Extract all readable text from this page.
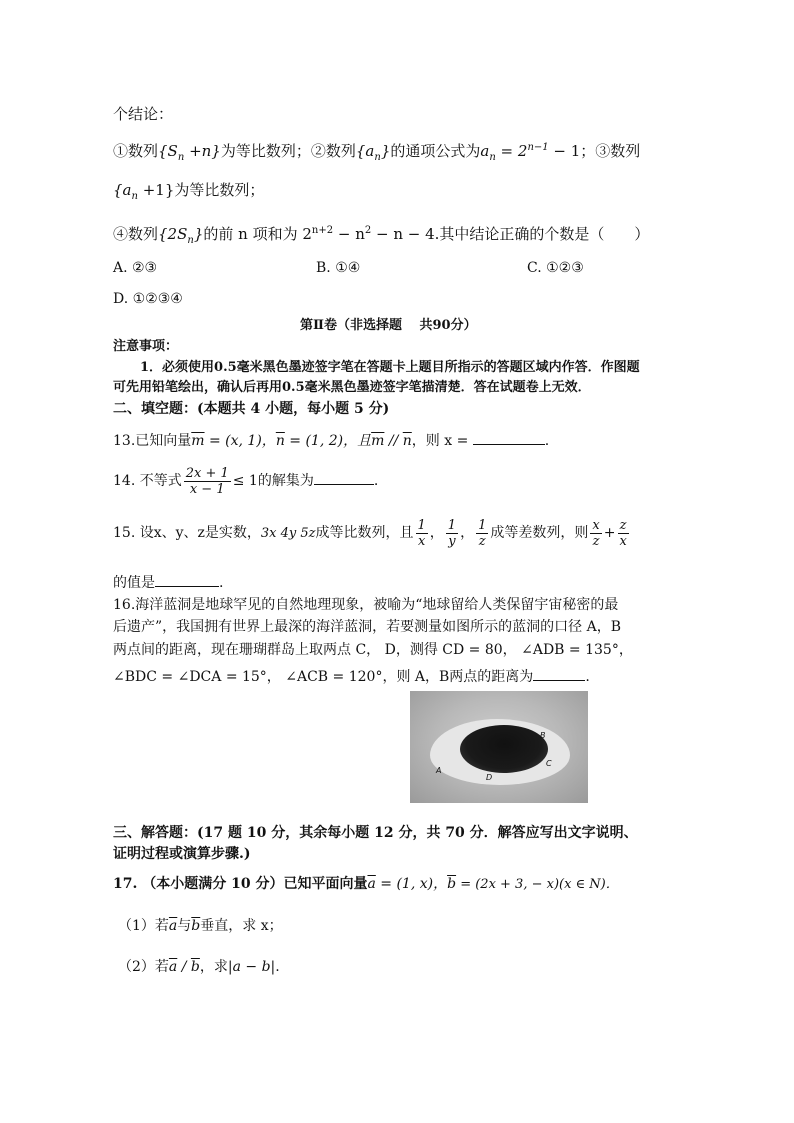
个结论：
①数列$\{S_n +n\}$为等比数列；②数列$\{a_n\}$的通项公式为$a_n = 2^{n-1} - 1$；③数列
$\{a_n +1\}$为等比数列；
④数列$\{2S_n\}$的前 n 项和为 $2^{n+2} - n^2 - n - 4$.其中结论正确的个数是（　　）
A. ②③	B. ①④	C. ①②③
D. ①②③④
第Ⅱ卷（非选择题　 共90分）
注意事项：
1．必须使用0.5毫米黑色墨迹签字笔在答题卡上题目所指示的答题区域内作答．作图题
可先用铅笔绘出，确认后再用0.5毫米黑色墨迹签字笔描清楚．答在试题卷上无效．
二、填空题：(本题共 4 小题，每小题 5 分)
13.已知向量$\overline{m} = (x$, 1)，$\overline{n} = (1$, 2)，且$\overline{m} // \overline{n}$，则 x =	.
14. 不等式 $\frac{2x + 1}{x - 1} \le 1$的解集为	.
15. 设x、y、z是实数，3x 4y 5z成等比数列，且 $\frac{1}{x}$ ， $\frac{1}{y}$ ， $\frac{1}{z}$ 成等差数列，则 $\frac{x}{z} + \frac{z}{x}$
的值是	.
16.海洋蓝洞是地球罕见的自然地理现象，被喻为“地球留给人类保留宇宙秘密的最
后遗产”，我国拥有世界上最深的海洋蓝洞，若要测量如图所示的蓝洞的口径 A，B
两点间的距离，现在珊瑚群岛上取两点 C， D，测得 CD = 80， ∠ADB = 135°，
∠BDC = ∠DCA = 15°， ∠ACB = 120°，则 A，B两点的距离为	.
A
B
C
D
三、解答题：(17 题 10 分，其余每小题 12 分，共 70 分．解答应写出文字说明、
证明过程或演算步骤.)
17. （本小题满分 10 分）已知平面向量$\overline{a} = (1$, x)，$\overline{b} = (2x + 3$, − x)(x ∈ N)．
（1）若$\overline{a}$与$\overline{b}$垂直，求 x；
（2）若$\overline{a} / \overline{b}$，求|a − b|.
